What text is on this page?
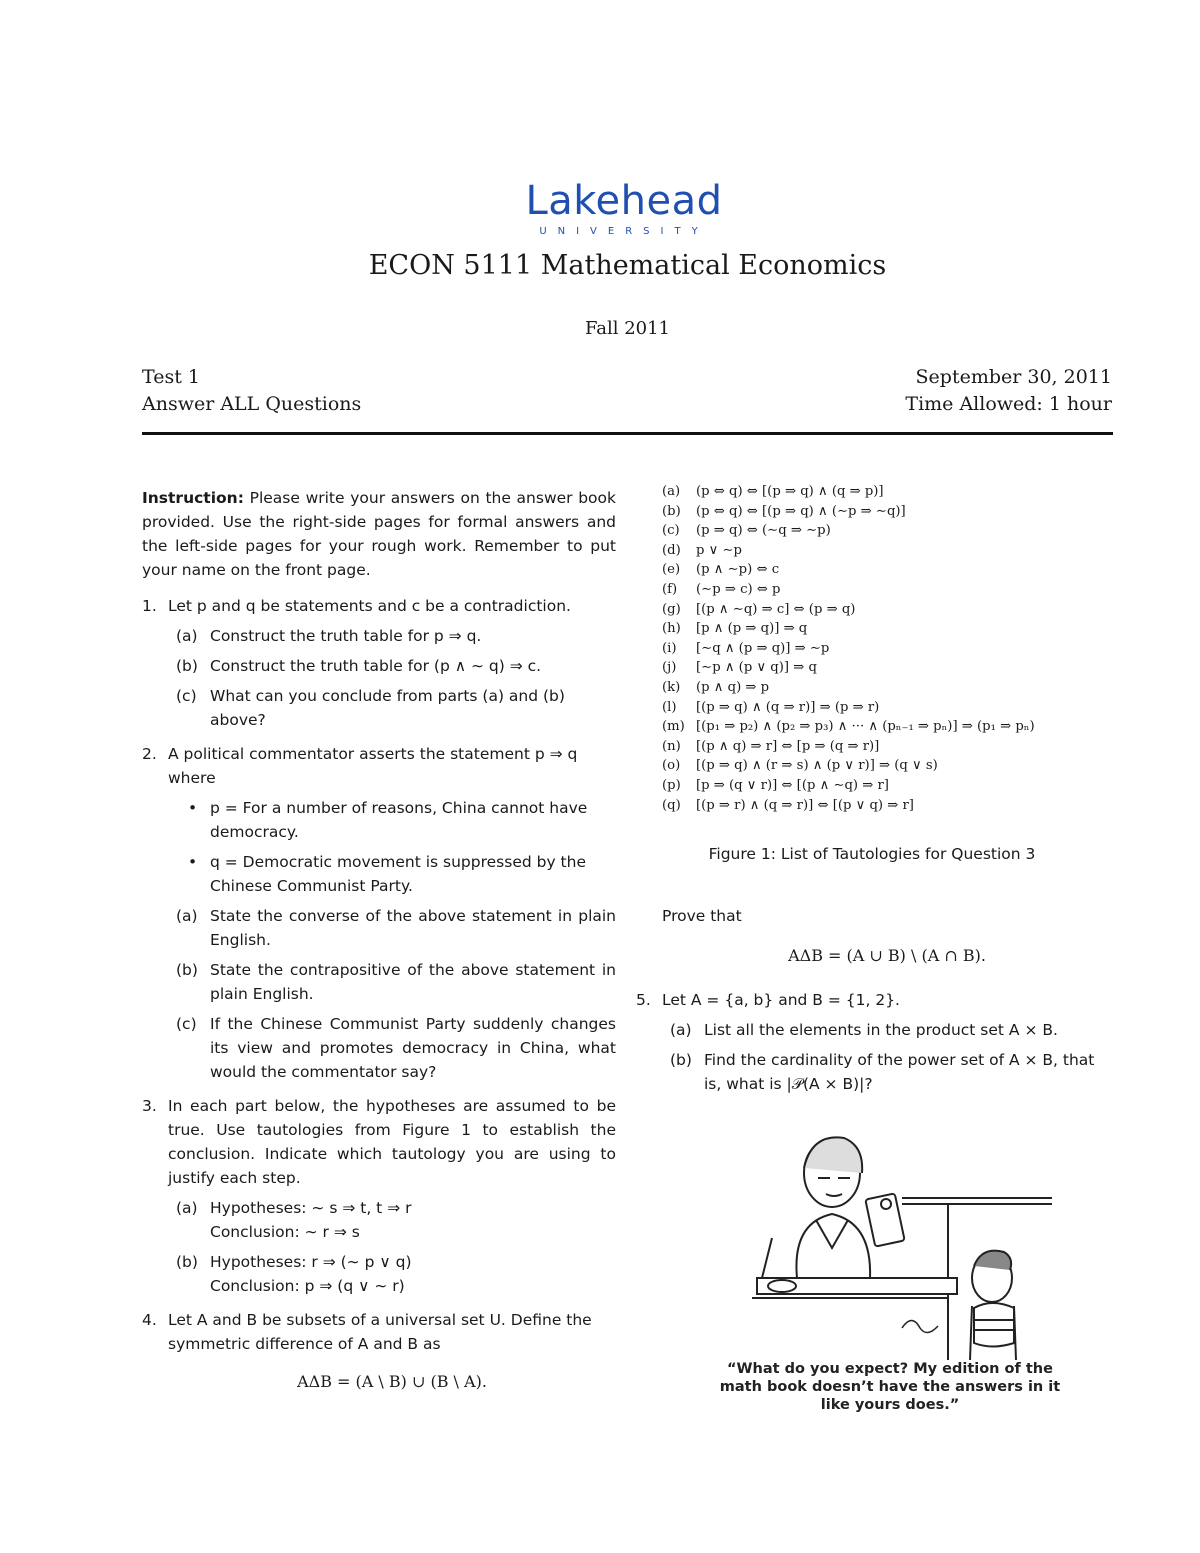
Lakehead
UNIVERSITY
ECON 5111 Mathematical Economics
Fall 2011
Test 1	September 30, 2011
Answer ALL Questions	Time Allowed: 1 hour

Instruction: Please write your answers on the answer book provided. Use the right-side pages for formal answers and the left-side pages for your rough work. Remember to put your name on the front page.

1. Let p and q be statements and c be a contradiction.

(a) Construct the truth table for p ⇒ q.

(b) Construct the truth table for (p ∧ ∼ q) ⇒ c.

(c) What can you conclude from parts (a) and (b) above?

2. A political commentator asserts the statement p ⇒ q where

• p = For a number of reasons, China cannot have democracy.

• q = Democratic movement is suppressed by the Chinese Communist Party.

(a) State the converse of the above statement in plain English.

(b) State the contrapositive of the above statement in plain English.

(c) If the Chinese Communist Party suddenly changes its view and promotes democracy in China, what would the commentator say?

3. In each part below, the hypotheses are assumed to be true. Use tautologies from Figure 1 to establish the conclusion. Indicate which tautology you are using to justify each step.

(a) Hypotheses: ∼ s ⇒ t, t ⇒ r

Conclusion: ∼ r ⇒ s

(b) Hypotheses: r ⇒ (∼ p ∨ q)

Conclusion: p ⇒ (q ∨ ∼ r)

4. Let A and B be subsets of a universal set U. Define the symmetric difference of A and B as

AΔB = (A \ B) ∪ (B \ A).

(a) (p ⇔ q) ⇔ [(p ⇒ q) ∧ (q ⇒ p)]
(b) (p ⇔ q) ⇔ [(p ⇒ q) ∧ (∼p ⇒ ∼q)]
(c) (p ⇒ q) ⇔ (∼q ⇒ ∼p)
(d) p ∨ ∼p
(e) (p ∧ ∼p) ⇔ c
(f) (∼p ⇒ c) ⇔ p
(g) [(p ∧ ∼q) ⇒ c] ⇔ (p ⇒ q)
(h) [p ∧ (p ⇒ q)] ⇒ q
(i) [∼q ∧ (p ⇒ q)] ⇒ ∼p
(j) [∼p ∧ (p ∨ q)] ⇒ q
(k) (p ∧ q) ⇒ p
(l) [(p ⇒ q) ∧ (q ⇒ r)] ⇒ (p ⇒ r)
(m) [(p₁ ⇒ p₂) ∧ (p₂ ⇒ p₃) ∧ ··· ∧ (pₙ₋₁ ⇒ pₙ)] ⇒ (p₁ ⇒ pₙ)
(n) [(p ∧ q) ⇒ r] ⇔ [p ⇒ (q ⇒ r)]
(o) [(p ⇒ q) ∧ (r ⇒ s) ∧ (p ∨ r)] ⇒ (q ∨ s)
(p) [p ⇒ (q ∨ r)] ⇔ [(p ∧ ∼q) ⇒ r]
(q) [(p ⇒ r) ∧ (q ⇒ r)] ⇔ [(p ∨ q) ⇒ r]
Figure 1: List of Tautologies for Question 3

Prove that

AΔB = (A ∪ B) \ (A ∩ B).

5. Let A = {a, b} and B = {1, 2}.

(a) List all the elements in the product set A × B.

(b) Find the cardinality of the power set of A × B, that is, what is |𝒫(A × B)|?

“What do you expect? My edition of the
math book doesn’t have the answers in it
like yours does.”
